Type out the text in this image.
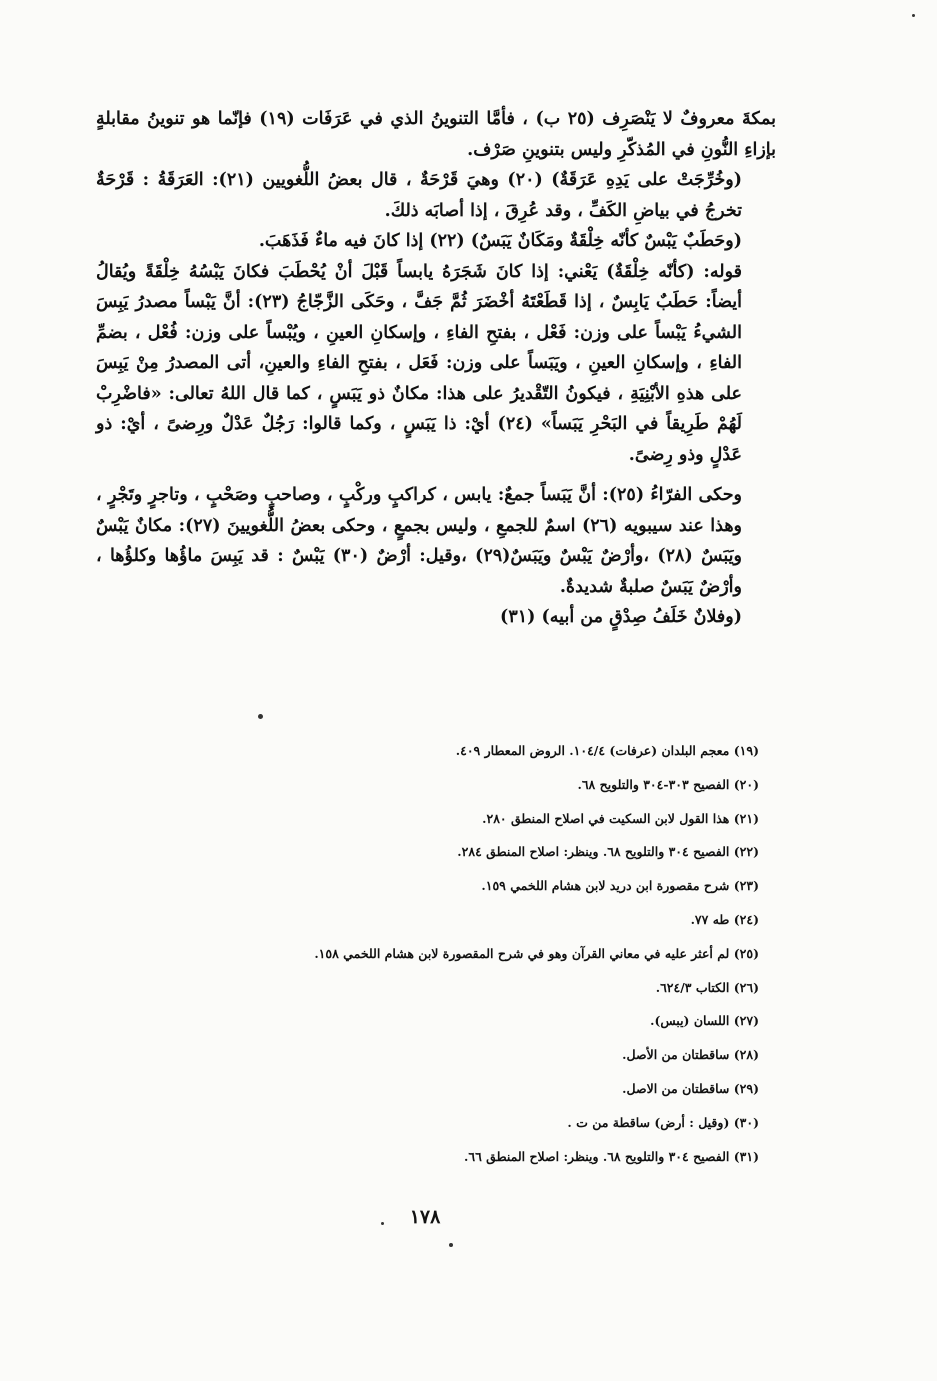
بمكةَ معروفٌ لا يَنْصَرِف (٢٥ ب) ، فأمَّا التنوينُ الذي في عَرَفَات (١٩) فإنّما هو تنوينُ مقابلةٍ بإزاءِ النُّونِ في المُذكّرِ وليس بتنوينِ صَرْف.

(وخُرِّجَتْ على يَدِهِ عَرَقَةٌ) (٢٠) وهيَ قَرْحَةٌ ، قال بعضُ اللُّغويين (٢١): العَرَقَةُ : قَرْحَةٌ تخرجُ في بياضِ الكَفِّ ، وقد عُرِقَ ، إذا أصابَه ذلكَ.

(وحَطَبٌ يَبْسٌ كأنّه خِلْقَةٌ ومَكَانٌ يَبَسٌ) (٢٢) إذا كانَ فيه ماءٌ فَذَهَبَ.

قوله: (كأنّه خِلْقَةٌ) يَعْني: إذا كانَ شَجَرَهُ يابساً قَبْلَ أنْ يُحْطَبَ فكانَ يَبْسُهُ خِلْقَةً ويُقالُ أيضاً: حَطَبٌ يَابِسٌ ، إذا قَطَعْتَهُ أخْضَرَ ثُمَّ جَفَّ ، وحَكَى الزَّجّاجُ (٢٣): أنَّ يَبْساً مصدرُ يَبِسَ الشيءُ يَبْساً على وزن: فَعْل ، بفتحِ الفاءِ ، وإسكانِ العينِ ، ويُبْساً على وزن: فُعْل ، بضمِّ الفاءِ ، وإسكانِ العينِ ، ويَبَساً على وزن: فَعَل ، بفتحِ الفاءِ والعينِ، أتى المصدرُ مِنْ يَبِسَ على هذهِ الأبْنِيَةِ ، فيكونُ التّقْديرُ على هذا: مكانٌ ذو يَبَسٍ ، كما قال اللهُ تعالى: «فاضْرِبْ لَهُمْ طَرِيقاً في البَحْرِ يَبَساً» (٢٤) أيْ: ذا يَبَسٍ ، وكما قالوا: رَجُلٌ عَدْلٌ ورِضىً ، أيْ: ذو عَدْلٍ وذو رِضىً.

وحكى الفرّاءُ (٢٥): أنَّ يَبَساً جمعٌ: يابس ، كراكبٍ وركْبٍ ، وصاحبٍ وصَحْبٍ ، وتاجرٍ وتَجْرٍ ، وهذا عند سيبويه (٢٦) اسمٌ للجمعِ ، وليس بجمعٍ ، وحكى بعضُ اللُّغويينَ (٢٧): مكانٌ يَبْسٌ ويَبَسٌ (٢٨) ،وأرْضٌ يَبْسٌ ويَبَسٌ(٢٩) ،وقيل: أرْضٌ (٣٠) يَبْسٌ : قد يَبِسَ ماؤُها وكلؤُها ، وأرْضٌ يَبَسٌ صلبةٌ شديدةٌ.

(وفلانٌ خَلَفُ صِدْقٍ من أبيه) (٣١)

(١٩) معجم البلدان (عرفات) ١٠٤/٤. الروض المعطار ٤٠٩.

(٢٠) الفصيح ٣٠٣-٣٠٤ والتلويح ٦٨.

(٢١) هذا القول لابن السكيت في اصلاح المنطق ٢٨٠.

(٢٢) الفصيح ٣٠٤ والتلويح ٦٨. وينظر: اصلاح المنطق ٢٨٤.

(٢٣) شرح مقصورة ابن دريد لابن هشام اللخمي ١٥٩.

(٢٤) طه ٧٧.

(٢٥) لم أعثر عليه في معاني القرآن وهو في شرح المقصورة لابن هشام اللخمي ١٥٨.

(٢٦) الكتاب ٦٢٤/٣.

(٢٧) اللسان (يبس).

(٢٨) ساقطتان من الأصل.

(٢٩) ساقطتان من الاصل.

(٣٠) (وقيل : أرض) ساقطة من ت .

(٣١) الفصيح ٣٠٤ والتلويح ٦٨. وينظر: اصلاح المنطق ٦٦.

١٧٨
